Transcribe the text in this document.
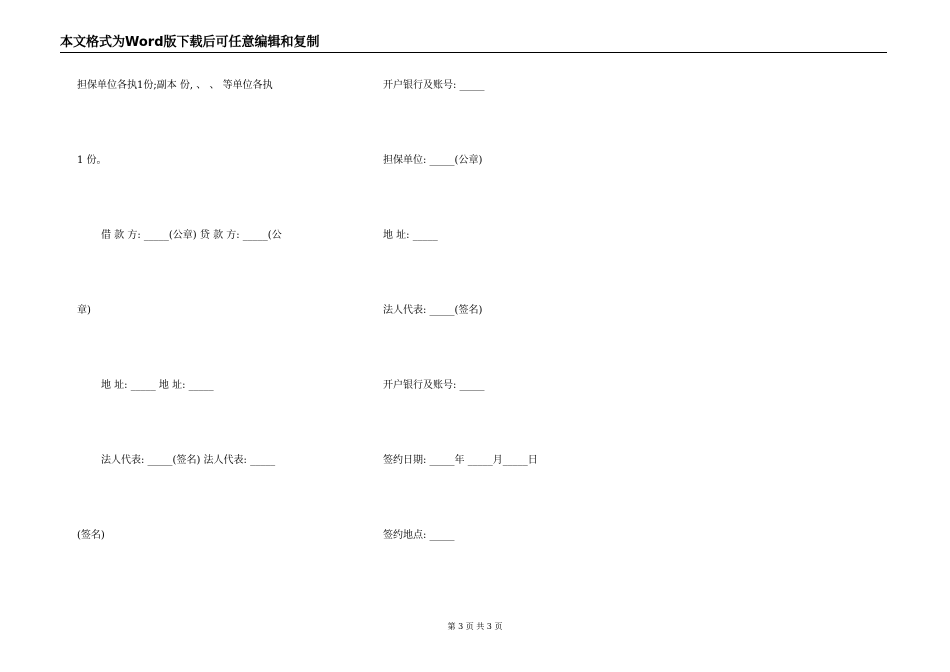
本文格式为Word版下载后可任意编辑和复制
担保单位各执1份;副本 份, 、 、 等单位各执
1 份。
借 款 方: _____(公章) 贷 款 方: _____(公
章)
地 址: _____ 地 址: _____
法人代表: _____(签名) 法人代表: _____
(签名)
开户银行及账号: _____
担保单位: _____(公章)
地 址: _____
法人代表: _____(签名)
开户银行及账号: _____
签约日期: _____年 _____月_____日
签约地点: _____
第 3 页 共 3 页
